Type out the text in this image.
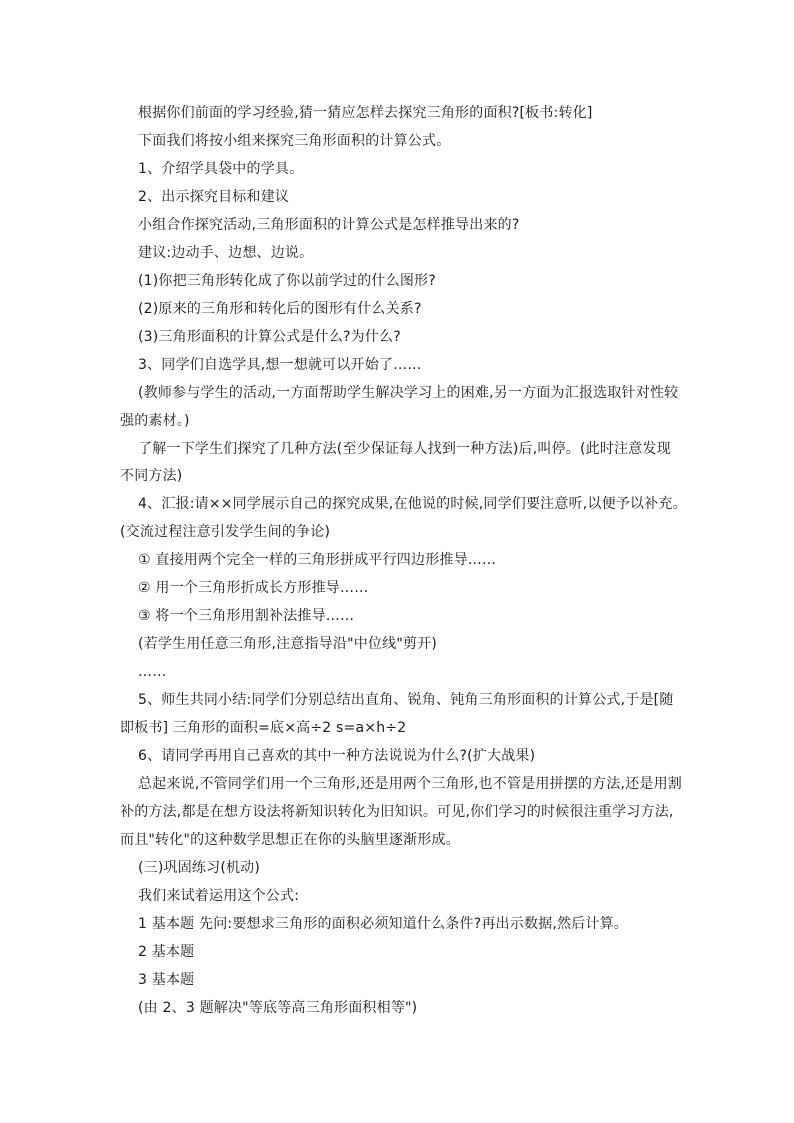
根据你们前面的学习经验,猜一猜应怎样去探究三角形的面积?[板书:转化]
下面我们将按小组来探究三角形面积的计算公式。
1、介绍学具袋中的学具。
2、出示探究目标和建议
小组合作探究活动,三角形面积的计算公式是怎样推导出来的?
建议:边动手、边想、边说。
(1)你把三角形转化成了你以前学过的什么图形?
(2)原来的三角形和转化后的图形有什么关系?
(3)三角形面积的计算公式是什么?为什么?
3、同学们自选学具,想一想就可以开始了……
(教师参与学生的活动,一方面帮助学生解决学习上的困难,另一方面为汇报选取针对性较
强的素材。)
了解一下学生们探究了几种方法(至少保证每人找到一种方法)后,叫停。(此时注意发现
不同方法)
4、汇报:请××同学展示自己的探究成果,在他说的时候,同学们要注意听,以便予以补充。
(交流过程注意引发学生间的争论)
① 直接用两个完全一样的三角形拼成平行四边形推导……
② 用一个三角形折成长方形推导……
③ 将一个三角形用割补法推导……
(若学生用任意三角形,注意指导沿"中位线"剪开)
……
5、师生共同小结:同学们分别总结出直角、锐角、钝角三角形面积的计算公式,于是[随
即板书] 三角形的面积=底×高÷2 s=a×h÷2
6、请同学再用自己喜欢的其中一种方法说说为什么?(扩大战果)
总起来说,不管同学们用一个三角形,还是用两个三角形,也不管是用拼摆的方法,还是用割
补的方法,都是在想方设法将新知识转化为旧知识。可见,你们学习的时候很注重学习方法,
而且"转化"的这种数学思想正在你的头脑里逐渐形成。
(三)巩固练习(机动)
我们来试着运用这个公式:
1 基本题 先问:要想求三角形的面积必须知道什么条件?再出示数据,然后计算。
2 基本题
3 基本题
(由 2、3 题解决"等底等高三角形面积相等")
